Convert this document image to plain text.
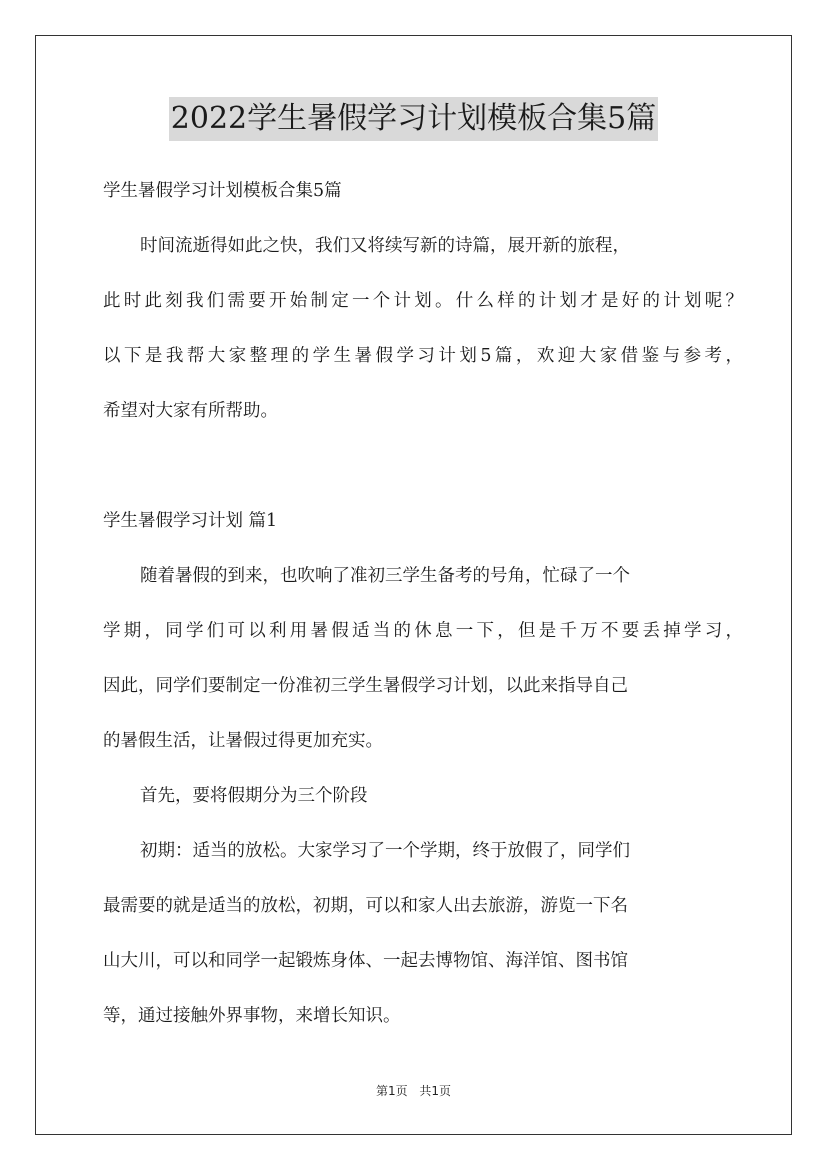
2022学生暑假学习计划模板合集5篇
学生暑假学习计划模板合集5篇
时间流逝得如此之快，我们又将续写新的诗篇，展开新的旅程，
此时此刻我们需要开始制定一个计划。什么样的计划才是好的计划呢？
以下是我帮大家整理的学生暑假学习计划5篇，欢迎大家借鉴与参考，
希望对大家有所帮助。
学生暑假学习计划 篇1
随着暑假的到来，也吹响了准初三学生备考的号角，忙碌了一个
学期，同学们可以利用暑假适当的休息一下，但是千万不要丢掉学习，
因此，同学们要制定一份准初三学生暑假学习计划，以此来指导自己
的暑假生活，让暑假过得更加充实。
首先，要将假期分为三个阶段
初期：适当的放松。大家学习了一个学期，终于放假了，同学们
最需要的就是适当的放松，初期，可以和家人出去旅游，游览一下名
山大川，可以和同学一起锻炼身体、一起去博物馆、海洋馆、图书馆
等，通过接触外界事物，来增长知识。
第1页 共1页
